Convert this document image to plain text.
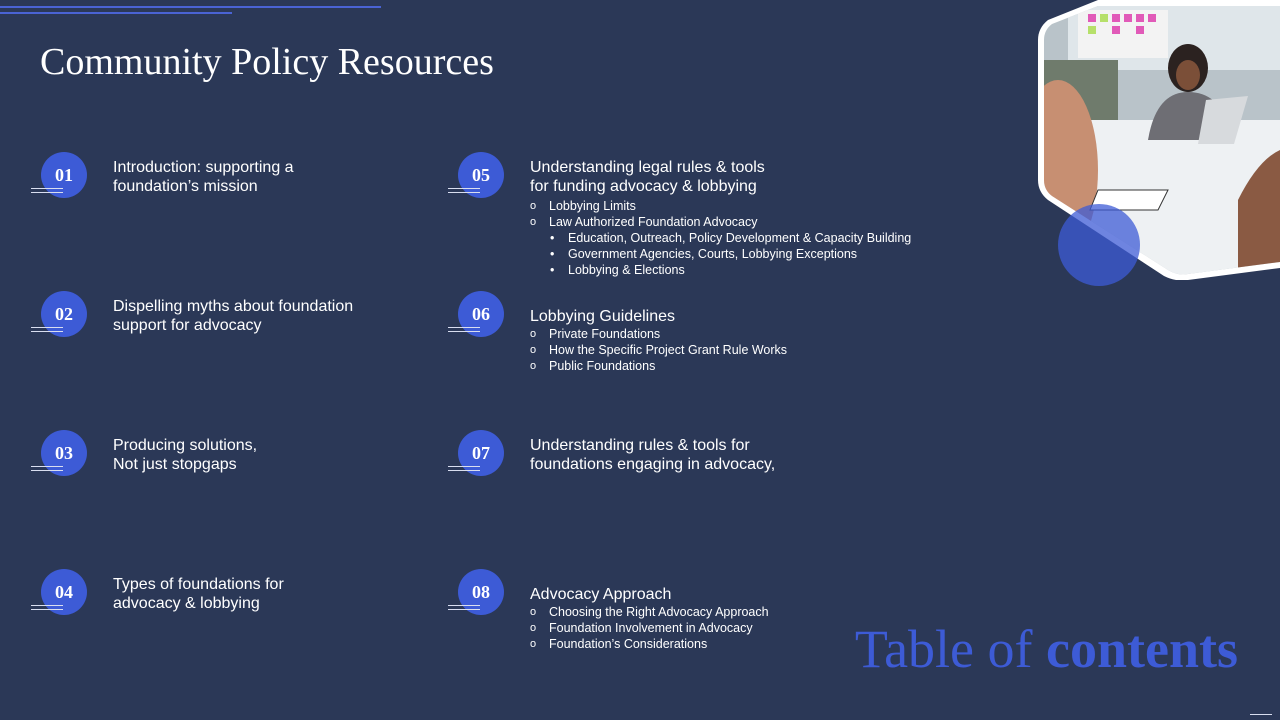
Community Policy Resources
01	Introduction: supporting a
foundation’s mission
02	Dispelling myths about foundation
support for advocacy
03	Producing solutions,
Not just stopgaps
04	Types of foundations for
advocacy & lobbying
05	Understanding legal rules & tools
for funding advocacy & lobbying
o Lobbying Limits
o Law Authorized Foundation Advocacy
• Education, Outreach, Policy Development & Capacity Building
• Government Agencies, Courts, Lobbying Exceptions
• Lobbying & Elections
06	Lobbying Guidelines
o Private Foundations
o How the Specific Project Grant Rule Works
o Public Foundations
07	Understanding rules & tools for
foundations engaging in advocacy,
08	Advocacy Approach
o Choosing the Right Advocacy Approach
o Foundation Involvement in Advocacy
o Foundation’s Considerations	Table of contents
